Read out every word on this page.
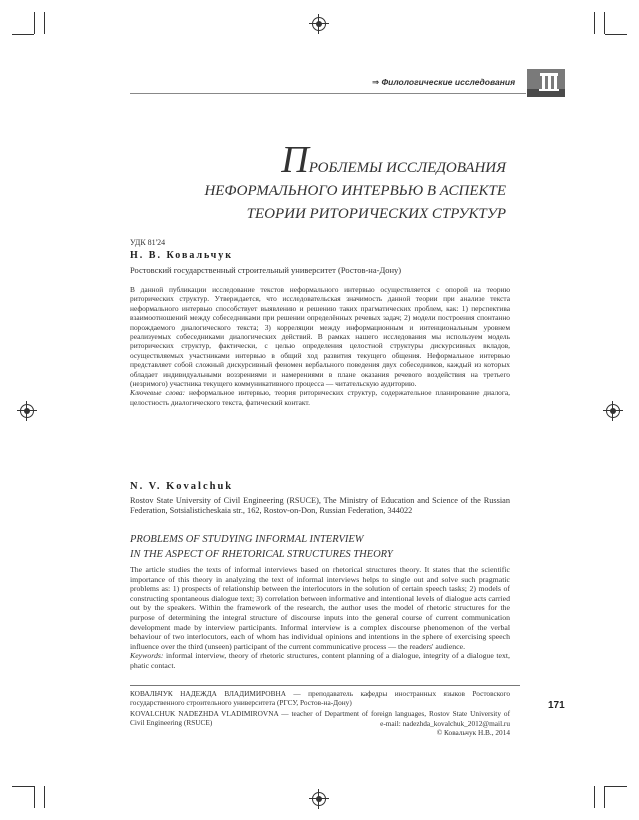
⇒ Филологические исследования
ПРОБЛЕМЫ ИССЛЕДОВАНИЯ
НЕФОРМАЛЬНОГО ИНТЕРВЬЮ В АСПЕКТЕ
ТЕОРИИ РИТОРИЧЕСКИХ СТРУКТУР
УДК 81'24
Н. В. Ковальчук
Ростовский государственный строительный университет (Ростов-на-Дону)

В данной публикации исследование текстов неформального интервью осуществляется с опорой на теорию риторических структур. Утверждается, что исследовательская значимость данной теории при анализе текста неформального интервью способствует выявлению и решению таких прагматических проблем, как: 1) перспектива взаимоотношений между собеседниками при решении определённых речевых задач; 2) модели построения спонтанно порождаемого диалогического текста; 3) корреляции между информационным и интенциональным уровнем реализуемых собеседниками диалогических действий. В рамках нашего исследования мы используем модель риторических структур, фактически, с целью определения целостной структуры дискурсивных вкладов, осуществляемых участниками интервью в общий ход развития текущего общения. Неформальное интервью представляет собой сложный дискурсивный феномен вербального поведения двух собеседников, каждый из которых обладает индивидуальными воззрениями и намерениями в плане оказания речевого воздействия на третьего (незримого) участника текущего коммуникативного процесса — читательскую аудиторию.

Ключевые слова: неформальное интервью, теория риторических структур, содержательное планирование диалога, целостность диалогического текста, фатический контакт.

N. V. Kovalchuk
Rostov State University of Civil Engineering (RSUCE), The Ministry of Education and Science of the Russian Federation, Sotsialisticheskaia str., 162, Rostov-on-Don, Russian Federation, 344022
PROBLEMS OF STUDYING INFORMAL INTERVIEW
IN THE ASPECT OF RHETORICAL STRUCTURES THEORY

The article studies the texts of informal interviews based on rhetorical structures theory. It states that the scientific importance of this theory in analyzing the text of informal interviews helps to single out and solve such pragmatic problems as: 1) prospects of relationship between the interlocutors in the solution of certain speech tasks; 2) models of constructing spontaneous dialogue text; 3) correlation between informative and intentional levels of dialogue acts carried out by the speakers. Within the framework of the research, the author uses the model of rhetoric structures for the purpose of determining the integral structure of discourse inputs into the general course of current communication development made by interview participants. Informal interview is a complex discourse phenomenon of the verbal behaviour of two interlocutors, each of whom has individual opinions and intentions in the sphere of exercising speech influence over the third (unseen) participant of the current communicative process — the readers' audience.

Keywords: informal interview, theory of rhetoric structures, content planning of a dialogue, integrity of a dialogue text, phatic contact.

КОВАЛЬЧУК НАДЕЖДА ВЛАДИМИРОВНА — преподаватель кафедры иностранных языков Ростовского государственного строительного университета (РГСУ, Ростов-на-Дону)
KOVALCHUK NADEZHDA VLADIMIROVNA — teacher of Department of foreign languages, Rostov State University of Civil Engineering (RSUCE)	e-mail: nadezhda_kovalchuk_2012@mail.ru
© Ковальчук Н.В., 2014
171
